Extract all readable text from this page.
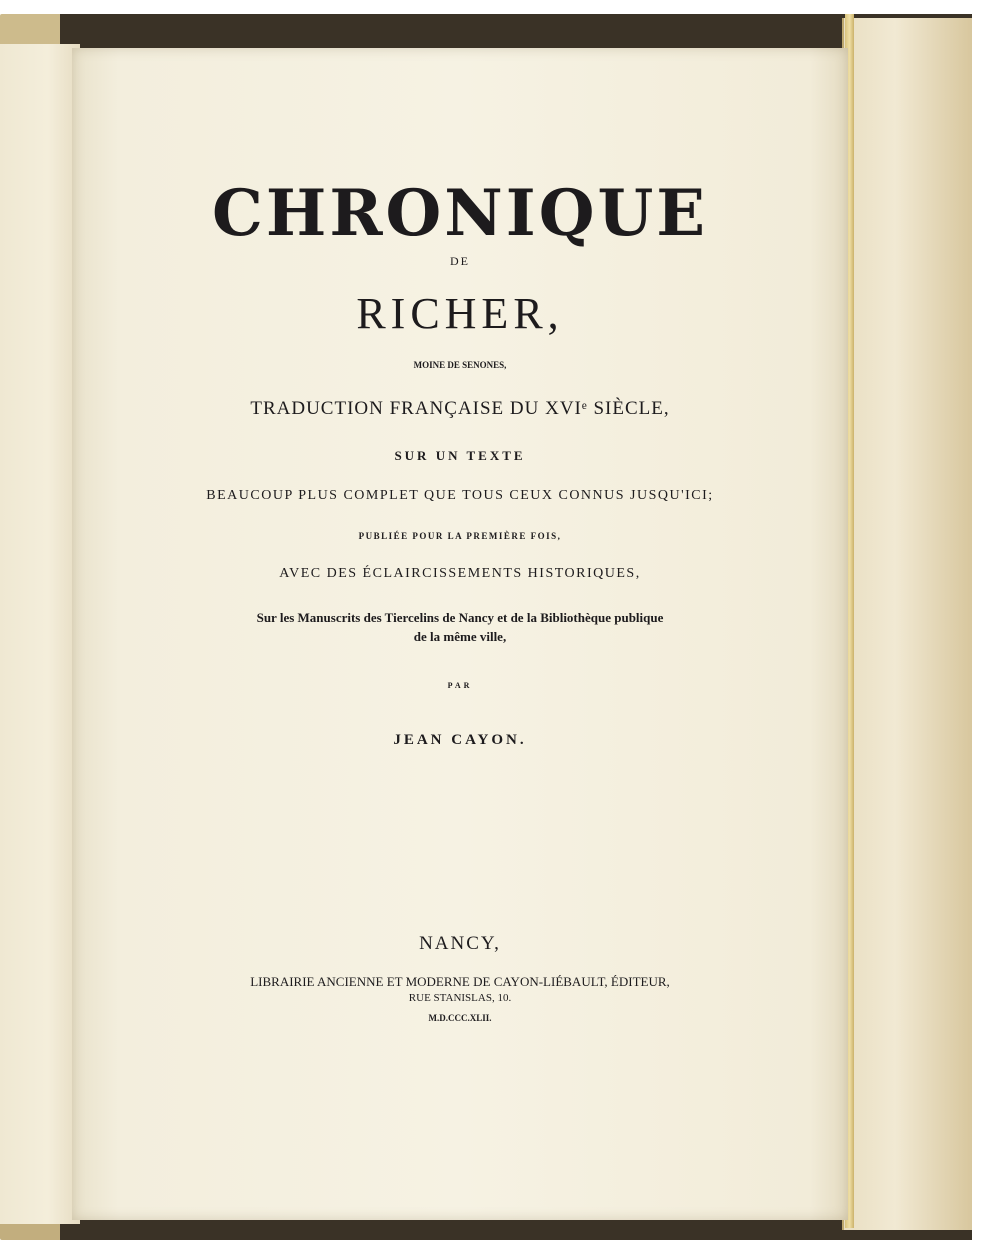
CHRONIQUE
DE
RICHER,
MOINE DE SENONES,
TRADUCTION FRANÇAISE DU XVIᵉ SIÈCLE,
SUR UN TEXTE
BEAUCOUP PLUS COMPLET QUE TOUS CEUX CONNUS JUSQU'ICI;
PUBLIÉE POUR LA PREMIÈRE FOIS,
AVEC DES ÉCLAIRCISSEMENTS HISTORIQUES,
Sur les Manuscrits des Tiercelins de Nancy et de la Bibliothèque publique
de la même ville,
PAR
JEAN CAYON.
NANCY,
LIBRAIRIE ANCIENNE ET MODERNE DE CAYON-LIÉBAULT, ÉDITEUR,
RUE STANISLAS, 10.
M.D.CCC.XLII.
